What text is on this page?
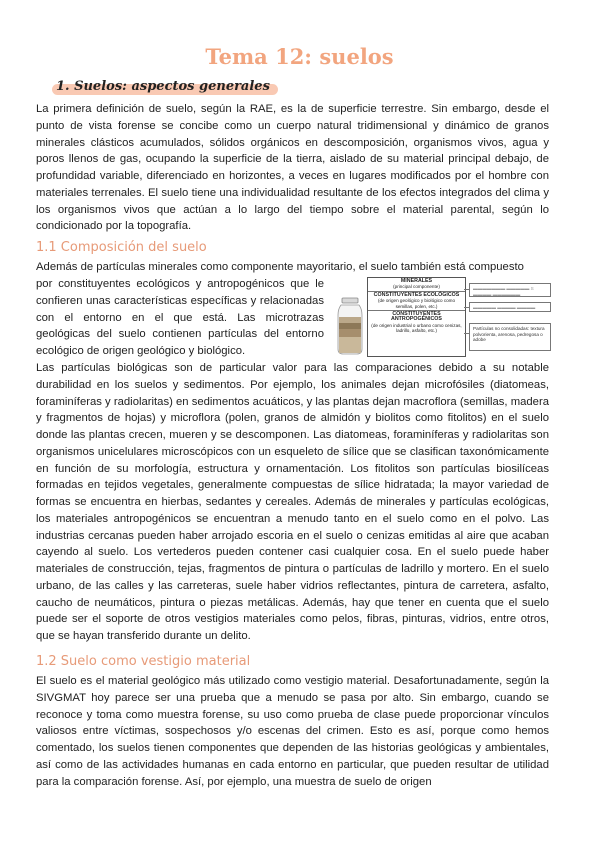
Tema 12: suelos
1. Suelos: aspectos generales
La primera definición de suelo, según la RAE, es la de superficie terrestre. Sin embargo, desde el punto de vista forense se concibe como un cuerpo natural tridimensional y dinámico de granos minerales clásticos acumulados, sólidos orgánicos en descomposición, organismos vivos, agua y poros llenos de gas, ocupando la superficie de la tierra, aislado de su material principal debajo, de profundidad variable, diferenciado en horizontes, a veces en lugares modificados por el hombre con materiales terrenales. El suelo tiene una individualidad resultante de los efectos integrados del clima y los organismos vivos que actúan a lo largo del tiempo sobre el material parental, según lo condicionado por la topografía.
1.1 Composición del suelo
Además de partículas minerales como componente mayoritario, el suelo también está compuesto
por constituyentes ecológicos y antropogénicos que le confieren unas características específicas y relacionadas con el entorno en el que está. Las microtrazas geológicas del suelo contienen partículas del entorno ecológico de origen geológico y biológico.
MINERALES
(principal componente)
CONSTITUYENTES ECOLÓGICOS
(de origen geológico y biológico como semillas, polen, etc.)
CONSTITUYENTES ANTROPOGÉNICOS
(de origen industrial o urbano como cenizas, ladrillo, asfalto, etc.)
▬▬▬▬▬▬▬ ▬▬▬▬▬ S ▬▬▬▬ ▬▬▬▬▬▬
▬▬▬▬▬ ▬▬▬▬ ▬▬▬▬
Partículas no consolidadas: textura polvorienta, arenosa, pedregosa o adobe
Las partículas biológicas son de particular valor para las comparaciones debido a su notable durabilidad en los suelos y sedimentos. Por ejemplo, los animales dejan microfósiles (diatomeas, foraminíferas y radiolaritas) en sedimentos acuáticos, y las plantas dejan macroflora (semillas, madera y fragmentos de hojas) y microflora (polen, granos de almidón y biolitos como fitolitos) en el suelo donde las plantas crecen, mueren y se descomponen. Las diatomeas, foraminíferas y radiolaritas son organismos unicelulares microscópicos con un esqueleto de sílice que se clasifican taxonómicamente en función de su morfología, estructura y ornamentación. Los fitolitos son partículas biosilíceas formadas en tejidos vegetales, generalmente compuestas de sílice hidratada; la mayor variedad de formas se encuentra en hierbas, sedantes y cereales. Además de minerales y partículas ecológicas, los materiales antropogénicos se encuentran a menudo tanto en el suelo como en el polvo. Las industrias cercanas pueden haber arrojado escoria en el suelo o cenizas emitidas al aire que acaban cayendo al suelo. Los vertederos pueden contener casi cualquier cosa. En el suelo puede haber materiales de construcción, tejas, fragmentos de pintura o partículas de ladrillo y mortero. En el suelo urbano, de las calles y las carreteras, suele haber vidrios reflectantes, pintura de carretera, asfalto, caucho de neumáticos, pintura o piezas metálicas. Además, hay que tener en cuenta que el suelo puede ser el soporte de otros vestigios materiales como pelos, fibras, pinturas, vidrios, entre otros, que se hayan transferido durante un delito.
1.2 Suelo como vestigio material
El suelo es el material geológico más utilizado como vestigio material. Desafortunadamente, según la SIVGMAT hoy parece ser una prueba que a menudo se pasa por alto. Sin embargo, cuando se reconoce y toma como muestra forense, su uso como prueba de clase puede proporcionar vínculos valiosos entre víctimas, sospechosos y/o escenas del crimen. Esto es así, porque como hemos comentado, los suelos tienen componentes que dependen de las historias geológicas y ambientales, así como de las actividades humanas en cada entorno en particular, que pueden resultar de utilidad para la comparación forense. Así, por ejemplo, una muestra de suelo de origen
